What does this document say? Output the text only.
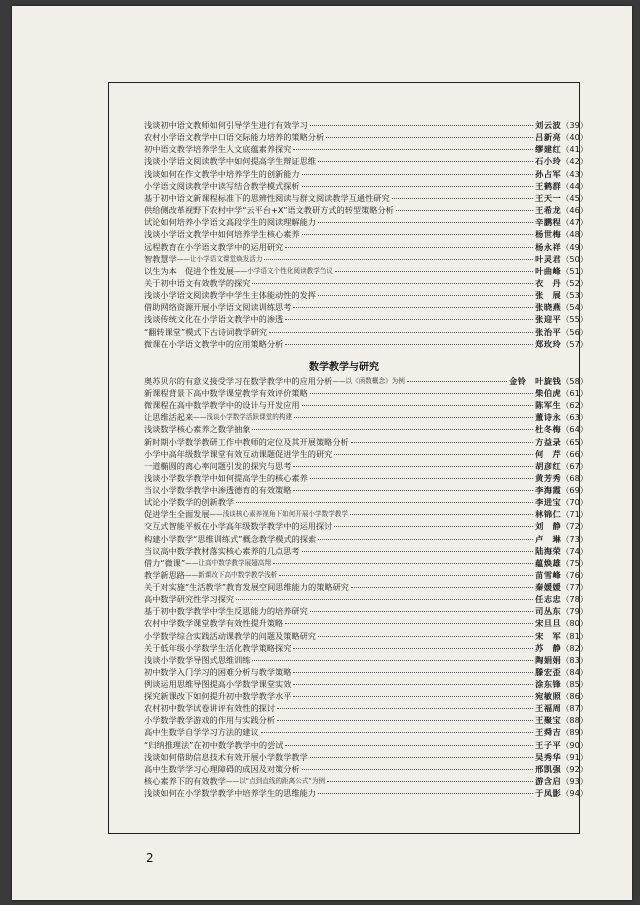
数学教学与研究
浅谈初中语文教师如何引导学生进行有效学习	刘云波 （39）
农村小学语文教学中口语交际能力培养的策略分析	吕新亮 （40）
初中语文教学培养学生人文底蕴素养探究	缪建红 （41）
浅谈小学语文阅读教学中如何提高学生辩证思维	石小玲 （42）
浅谈如何在作文教学中培养学生的创新能力	孙占军 （43）
小学语文阅读教学中读写结合教学模式探析	王鹤群 （44）
基于初中语文新课程标准下的思辨性阅读与群文阅读教学互通性研究	王天一 （45）
供给侧改革视野下农村中学“云平台+X”语文教研方式的转型策略分析	王希龙 （46）
试论如何培养小学语文高段学生的阅读理解能力	辛鹏程 （47）
浅谈小学语文教学中如何培养学生核心素养	杨世梅 （48）
远程教育在小学语文教学中的运用研究	杨永祥 （49）
智教慧学 ——让小学语文课堂焕发活力	叶灵君 （50）
以生为本　促进个性发展 ——小学语文个性化阅读教学刍议	叶曲峰 （51）
关于初中语文有效教学的探究	衣　丹 （52）
浅谈小学语文阅读教学中学生主体能动性的发挥	张　展 （53）
借助网络资源开展小学语文阅读训练思考	张晓燕 （54）
浅谈传统文化在小学语文教学中的渗透	张迎平 （55）
“翻转课堂”模式下古诗词教学研究	张治平 （56）
微课在小学语文教学中的应用策略分析	郑玫玲 （57）
奥苏贝尔的有意义接受学习在数学教学中的应用分析 ——以《函数概念》为例	金铃　叶旋钱 （58）
新课程背景下高中数学课堂教学有效评价策略	柴伯虎 （61）
微课程在高中数学教学中的设计与开发应用	陈军生 （62）
让思维活起来 ——浅谈小学数学活跃课堂的构建	董诗永 （63）
浅谈数学核心素养之数学抽象	杜冬梅 （64）
新时期小学数学教研工作中教师的定位及其开展策略分析	方益录 （65）
小学中高年级数学课堂有效互动课题促进学生的研究	何　芹 （66）
一道椭圆的离心率问题引发的探究与思考	胡彦红 （67）
浅谈小学数学教学中如何提高学生的核心素养	黄芳秀 （68）
当议小学数学教学中渗透德育的有效策略	李海霞 （69）
试论小学数学的创新教学	李进宝 （70）
促进学生全面发展 ——浅谈核心素养视角下如何开展小学数学教学	林锦仁 （71）
交互式智能平板在小学高年级数学教学中的运用探讨	刘　静 （72）
构建小学数学“思维训练式”概念教学模式的探索	卢　琳 （73）
当议高中数学教材落实核心素养的几点思考	陆海荣 （74）
借力“微课” ——让高中数学教学展翅高翔	蕴焕雄 （75）
教学新思路 ——新课改下高中数学教学浅析	苗雪峰 （76）
关于对实施“生活教学”教育发展空间思维能力的策略研究	秦媛媛 （77）
高中数学研究性学习探究	任志忠 （78）
基于初中数学教学中学生反思能力的培养研究	司丛东 （79）
农村中学数学课堂教学有效性提升策略	宋旦旦 （80）
小学数学综合实践活动课教学的问题及策略研究	宋　军 （81）
关于低年级小学数学生活化教学策略探究	苏　静 （82）
浅谈小学数学导图式思维训练	陶娟娟 （83）
初中数学入门学习的困难分析与教学策略	滕宏歪 （84）
例谈运用思维导图提高小学数学课堂实效	涂东锋 （85）
探究新课改下如何提升初中数学教学水平	宛敏照 （86）
农村初中数学试卷讲评有效性的探讨	王福周 （87）
小学数学教学游戏的作用与实践分析	王聚宝 （88）
高中生数学自学学习方法的建议	王舜吉 （89）
“归纳推理法”在初中数学教学中的尝试	王子平 （90）
浅谈如何借助信息技术有效开展小学数学教学	吴秀华 （91）
高中生数学学习心理障碍的成因及对策分析	邢凯强 （92）
核心素养下的有效教学 ——以“点到直线的距离公式”为例	游含启 （93）
浅谈如何在小学数学教学中培养学生的思维能力	于凤影 （94）
2
